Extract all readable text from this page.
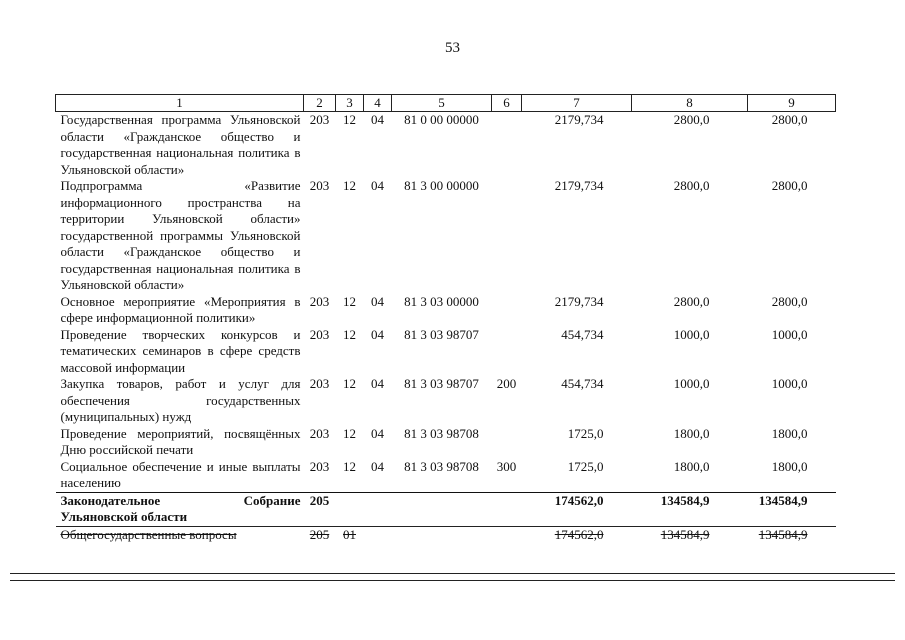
53
1	2	3	4	5	6	7	8	9
Государственная программа Ульяновской области «Гражданское общество и государственная национальная политика в Ульяновской области»	203	12	04	81 0 00 00000		2179,734	2800,0	2800,0
Подпрограмма «Развитие информационного пространства на территории Ульяновской области» государственной программы Ульяновской области «Гражданское общество и государственная национальная политика в Ульяновской области»	203	12	04	81 3 00 00000		2179,734	2800,0	2800,0
Основное мероприятие «Мероприятия в сфере информационной политики»	203	12	04	81 3 03 00000		2179,734	2800,0	2800,0
Проведение творческих конкурсов и тематических семинаров в сфере средств массовой информации	203	12	04	81 3 03 98707		454,734	1000,0	1000,0
Закупка товаров, работ и услуг для обеспечения государственных (муниципальных) нужд	203	12	04	81 3 03 98707	200	454,734	1000,0	1000,0
Проведение мероприятий, посвящённых Дню российской печати	203	12	04	81 3 03 98708		1725,0	1800,0	1800,0
Социальное обеспечение и иные выплаты населению	203	12	04	81 3 03 98708	300	1725,0	1800,0	1800,0
Законодательное Собрание Ульяновской области	205					174562,0	134584,9	134584,9
Общегосударственные вопросы	205	01				174562,0	134584,9	134584,9
